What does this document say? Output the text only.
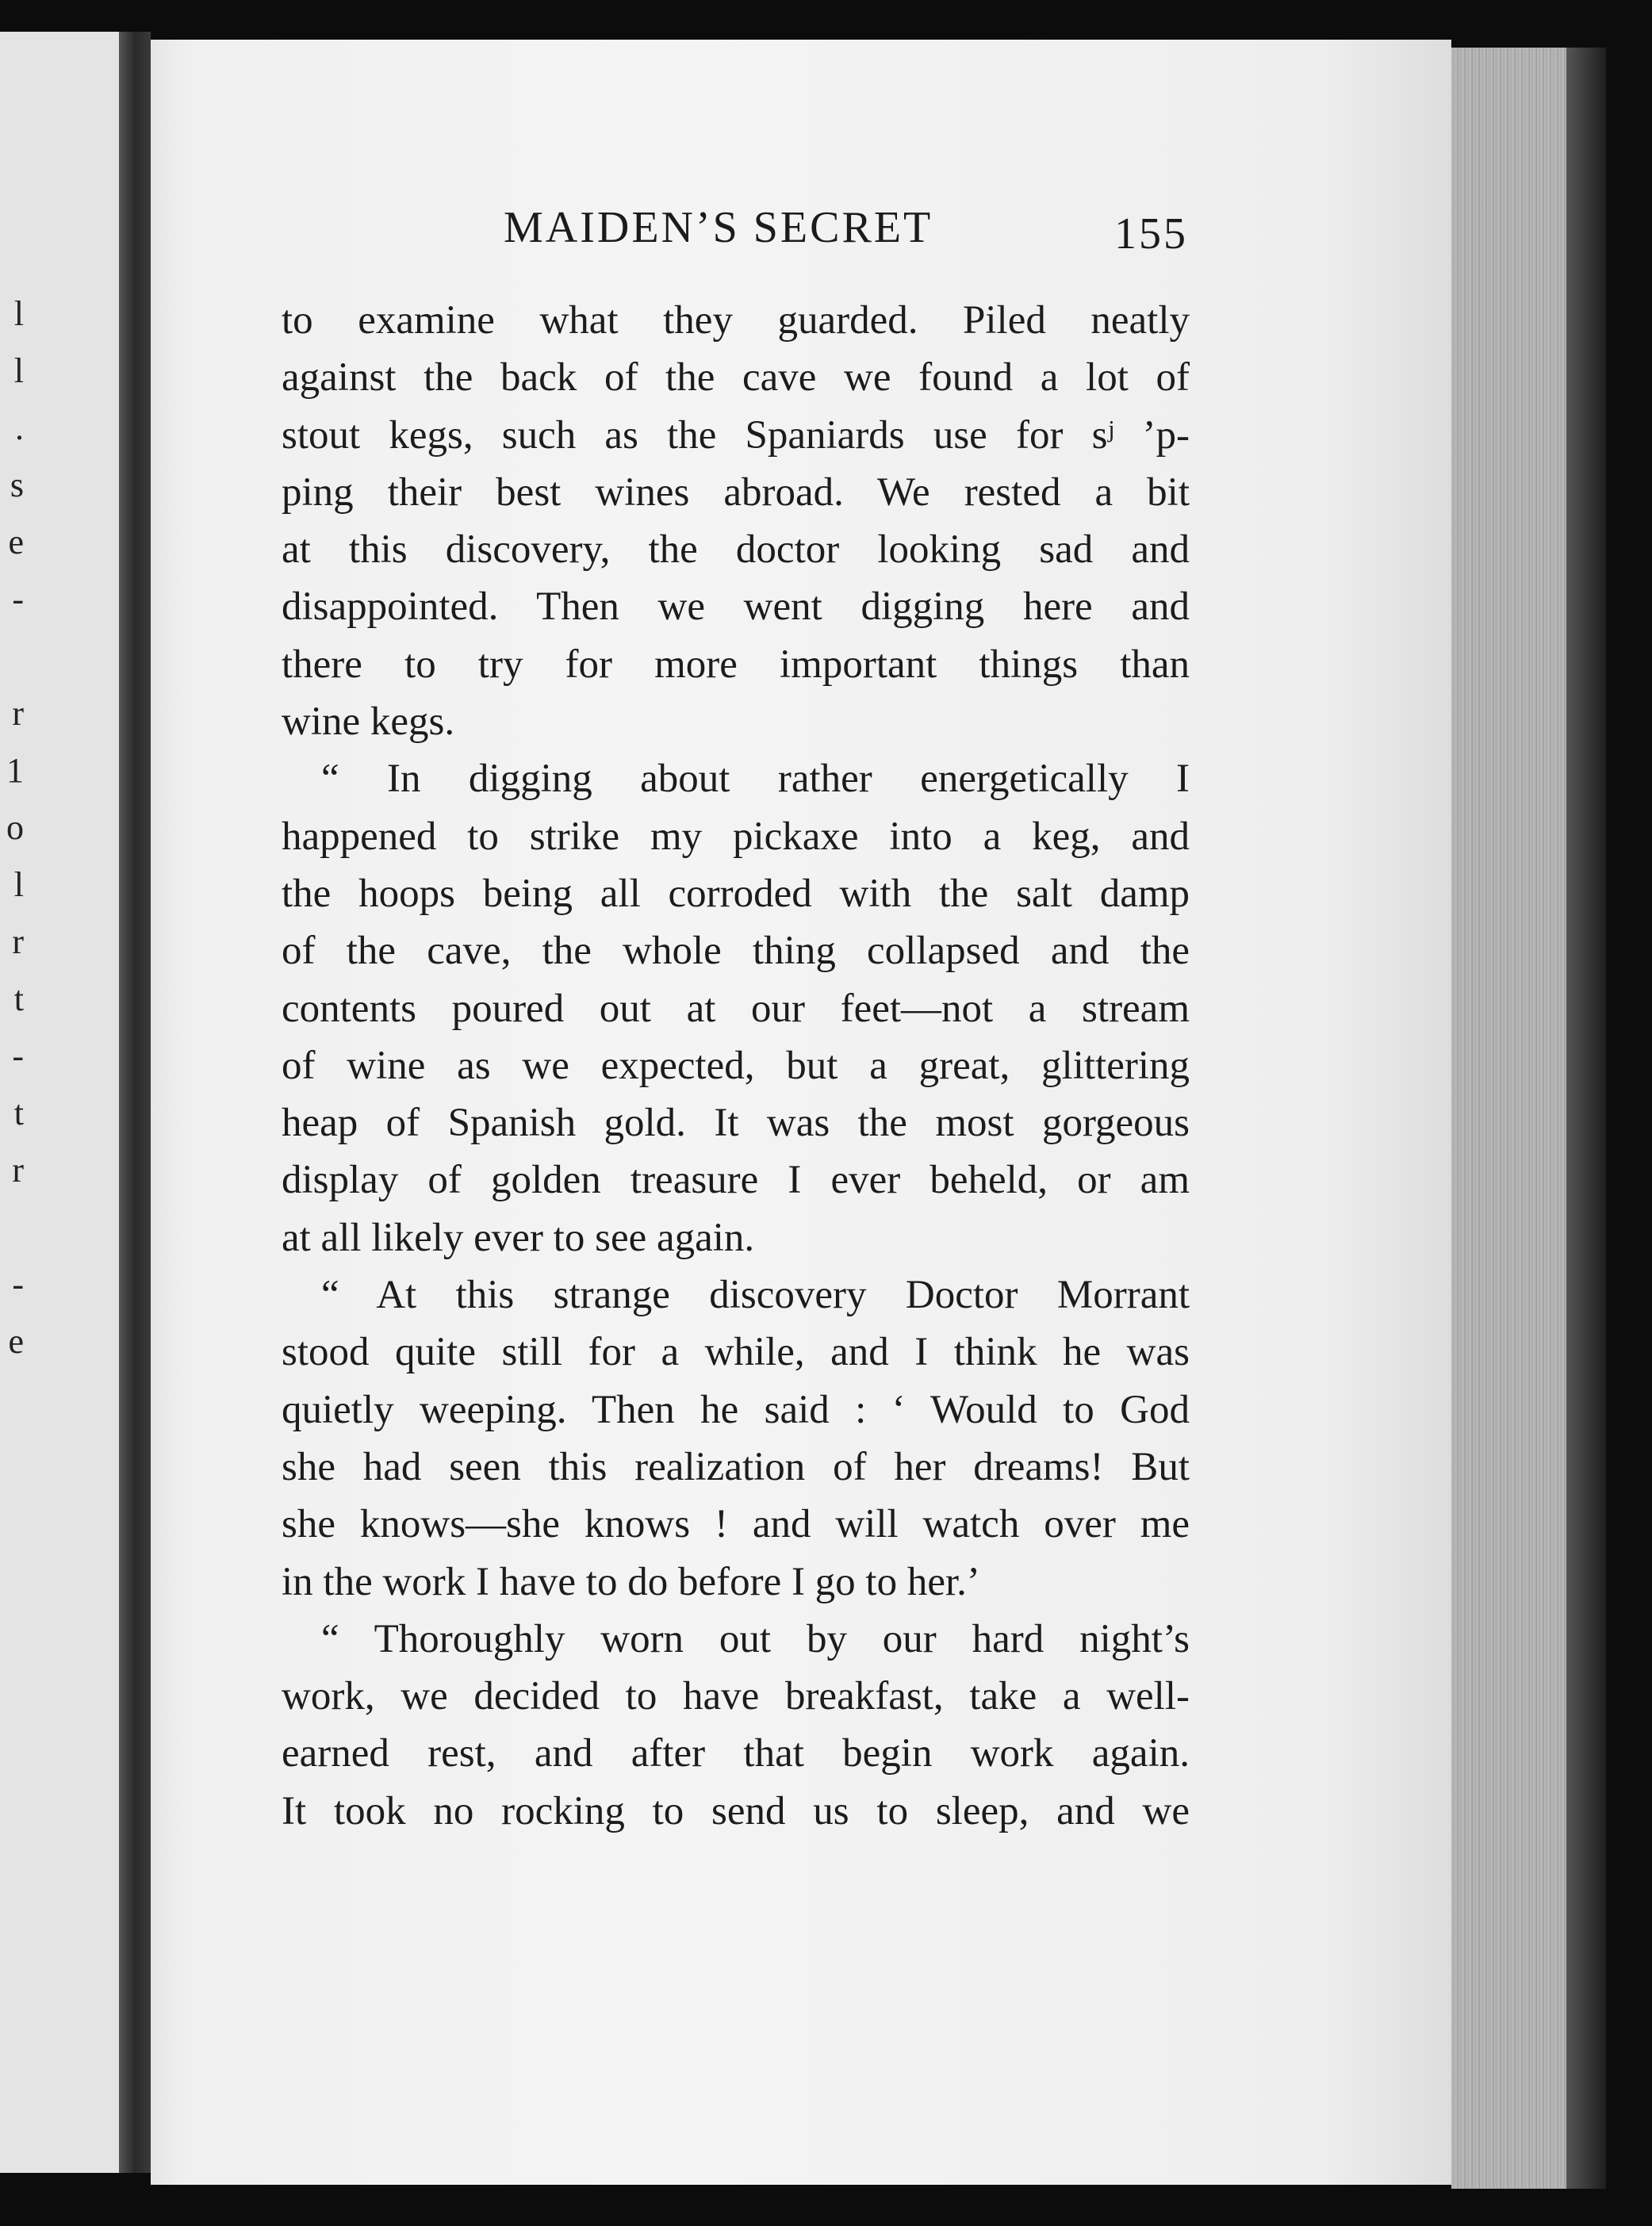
l
l
.
s
e
-

r
1
o
l
r
t
-
t
r

-
e
MAIDEN’S SECRET	155
to examine what they guarded. Piled neatly
against the back of the cave we found a lot of
stout kegs, such as the Spaniards use for sʲ ʼp-
ping their best wines abroad. We rested a bit
at this discovery, the doctor looking sad and
disappointed. Then we went digging here and
there to try for more important things than
wine kegs.
“ In digging about rather energetically I
happened to strike my pickaxe into a keg, and
the hoops being all corroded with the salt damp
of the cave, the whole thing collapsed and the
contents poured out at our feet—not a stream
of wine as we expected, but a great, glittering
heap of Spanish gold. It was the most gorgeous
display of golden treasure I ever beheld, or am
at all likely ever to see again.
“ At this strange discovery Doctor Morrant
stood quite still for a while, and I think he was
quietly weeping. Then he said : ‘ Would to God
she had seen this realization of her dreams! But
she knows—she knows ! and will watch over me
in the work I have to do before I go to her.’
“ Thoroughly worn out by our hard night’s
work, we decided to have breakfast, take a well-
earned rest, and after that begin work again.
It took no rocking to send us to sleep, and we
